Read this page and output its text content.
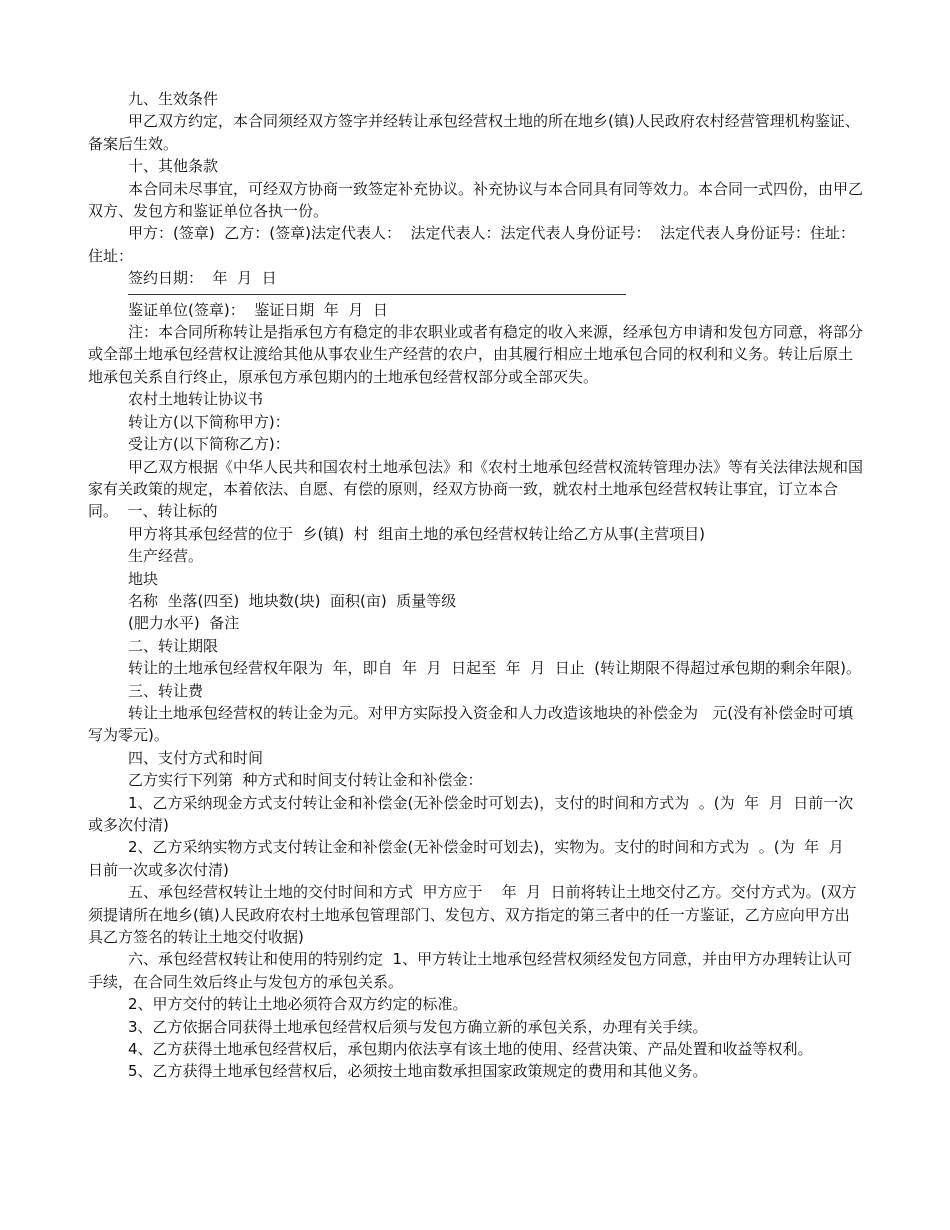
九、生效条件

甲乙双方约定，本合同须经双方签字并经转让承包经营权土地的所在地乡(镇)人民政府农村经营管理机构鉴证、备案后生效。

十、其他条款

本合同未尽事宜，可经双方协商一致签定补充协议。补充协议与本合同具有同等效力。本合同一式四份，由甲乙双方、发包方和鉴证单位各执一份。

甲方：(签章)  乙方：(签章)法定代表人：  法定代表人：法定代表人身份证号：  法定代表人身份证号：住址：  住址：

签约日期：  年  月  日

鉴证单位(签章)：  鉴证日期  年  月  日

注：本合同所称转让是指承包方有稳定的非农职业或者有稳定的收入来源，经承包方申请和发包方同意，将部分或全部土地承包经营权让渡给其他从事农业生产经营的农户，由其履行相应土地承包合同的权利和义务。转让后原土地承包关系自行终止，原承包方承包期内的土地承包经营权部分或全部灭失。

农村土地转让协议书

转让方(以下简称甲方)：

受让方(以下简称乙方)：

甲乙双方根据《中华人民共和国农村土地承包法》和《农村土地承包经营权流转管理办法》等有关法律法规和国家有关政策的规定，本着依法、自愿、有偿的原则，经双方协商一致，就农村土地承包经营权转让事宜，订立本合同。  一、转让标的

甲方将其承包经营的位于  乡(镇)  村  组亩土地的承包经营权转让给乙方从事(主营项目)

生产经营。

地块

名称  坐落(四至)  地块数(块)  面积(亩)  质量等级

(肥力水平)  备注

二、转让期限

转让的土地承包经营权年限为  年，即自  年  月  日起至  年  月  日止  (转让期限不得超过承包期的剩余年限)。

三、转让费

转让土地承包经营权的转让金为元。对甲方实际投入资金和人力改造该地块的补偿金为   元(没有补偿金时可填写为零元)。

四、支付方式和时间

乙方实行下列第  种方式和时间支付转让金和补偿金：

1、乙方采纳现金方式支付转让金和补偿金(无补偿金时可划去)，支付的时间和方式为  。(为  年  月  日前一次或多次付清)

2、乙方采纳实物方式支付转让金和补偿金(无补偿金时可划去)，实物为。支付的时间和方式为  。(为  年  月  日前一次或多次付清)

五、承包经营权转让土地的交付时间和方式  甲方应于    年  月  日前将转让土地交付乙方。交付方式为。(双方须提请所在地乡(镇)人民政府农村土地承包管理部门、发包方、双方指定的第三者中的任一方鉴证，乙方应向甲方出具乙方签名的转让土地交付收据)

六、承包经营权转让和使用的特别约定  1、甲方转让土地承包经营权须经发包方同意，并由甲方办理转让认可手续，在合同生效后终止与发包方的承包关系。

2、甲方交付的转让土地必须符合双方约定的标准。

3、乙方依据合同获得土地承包经营权后须与发包方确立新的承包关系，办理有关手续。

4、乙方获得土地承包经营权后，承包期内依法享有该土地的使用、经营决策、产品处置和收益等权利。

5、乙方获得土地承包经营权后，必须按土地亩数承担国家政策规定的费用和其他义务。
